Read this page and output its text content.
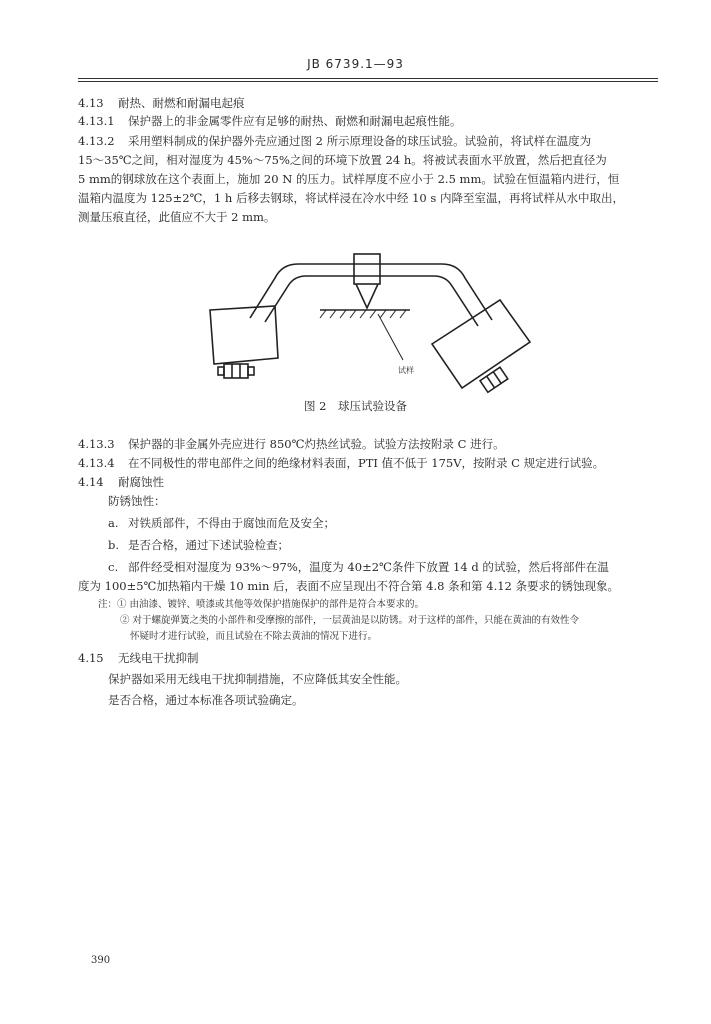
JB 6739.1—93
4.13 耐热、耐燃和耐漏电起痕
4.13.1 保护器上的非金属零件应有足够的耐热、耐燃和耐漏电起痕性能。
4.13.2 采用塑料制成的保护器外壳应通过图 2 所示原理设备的球压试验。试验前，将试样在温度为
15～35℃之间，相对湿度为 45%～75%之间的环境下放置 24 h。将被试表面水平放置，然后把直径为
5 mm的钢球放在这个表面上，施加 20 N 的压力。试样厚度不应小于 2.5 mm。试验在恒温箱内进行，恒
温箱内温度为 125±2℃，1 h 后移去钢球，将试样浸在冷水中经 10 s 内降至室温，再将试样从水中取出，
测量压痕直径，此值应不大于 2 mm。
试样
图 2　球压试验设备
4.13.3 保护器的非金属外壳应进行 850℃灼热丝试验。试验方法按附录 C 进行。
4.13.4 在不同极性的带电部件之间的绝缘材料表面，PTI 值不低于 175V，按附录 C 规定进行试验。
4.14 耐腐蚀性
防锈蚀性：
a. 对铁质部件，不得由于腐蚀而危及安全；
b. 是否合格，通过下述试验检查；
c. 部件经受相对湿度为 93%～97%，温度为 40±2℃条件下放置 14 d 的试验，然后将部件在温
度为 100±5℃加热箱内干燥 10 min 后，表面不应呈现出不符合第 4.8 条和第 4.12 条要求的锈蚀现象。
注：① 由油漆、镀锌、喷漆或其他等效保护措施保护的部件是符合本要求的。
② 对于螺旋弹簧之类的小部件和受摩擦的部件，一层黄油是以防锈。对于这样的部件，只能在黄油的有效性令
怀疑时才进行试验，而且试验在不除去黄油的情况下进行。
4.15 无线电干扰抑制
保护器如采用无线电干扰抑制措施，不应降低其安全性能。
是否合格，通过本标准各项试验确定。
390
